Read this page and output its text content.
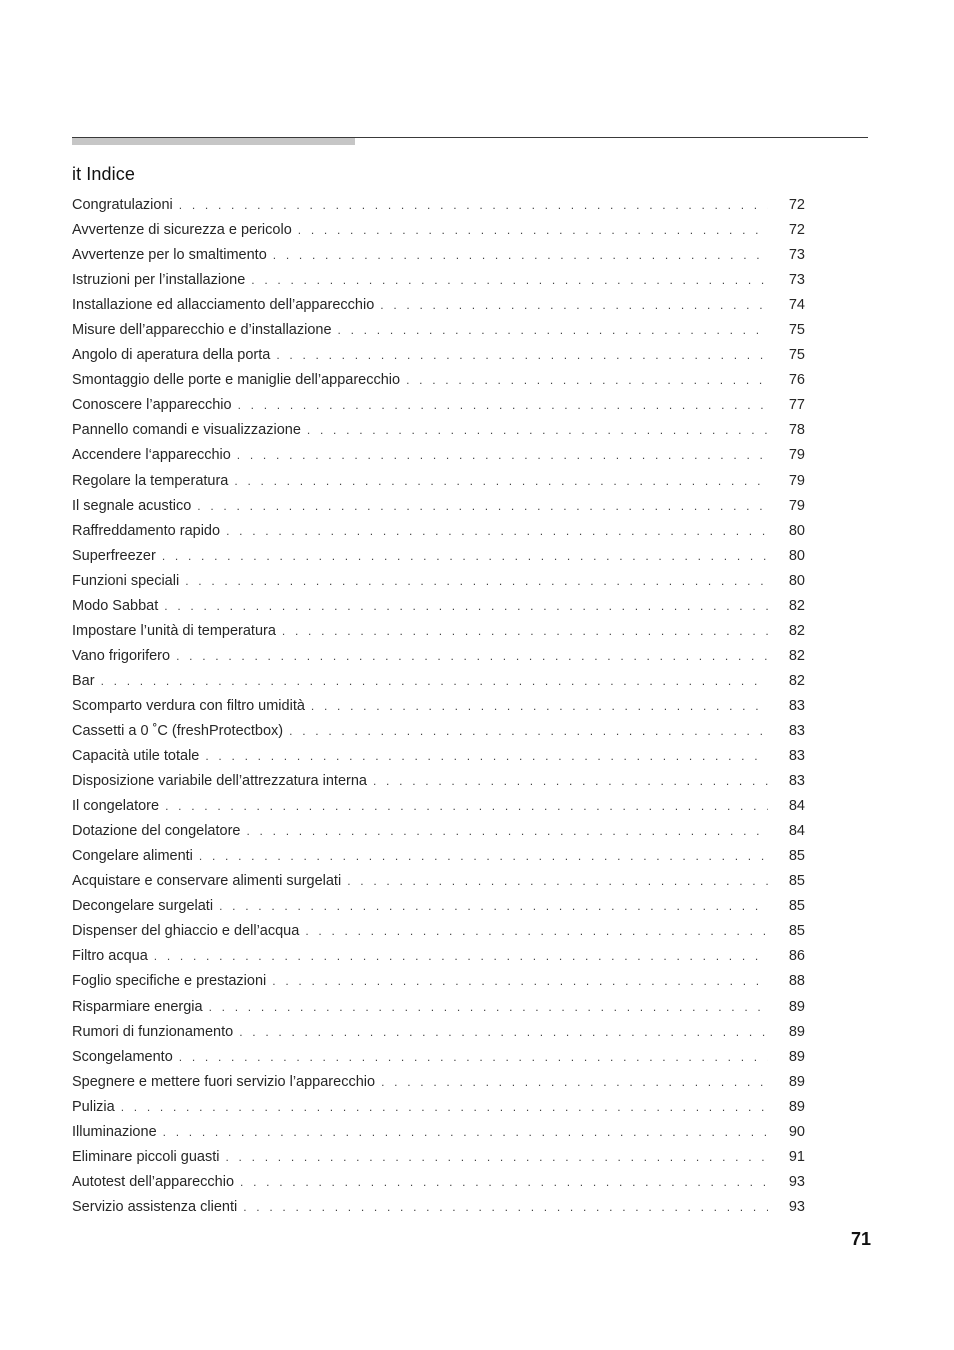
it Indice
Congratulazioni . . .	72
Avvertenze di sicurezza e pericolo . . .	72
Avvertenze per lo smaltimento . . .	73
Istruzioni per l’installazione . . .	73
Installazione ed allacciamento dell’apparecchio . . .	74
Misure dell’apparecchio e d’installazione . . .	75
Angolo di aperatura della porta . . .	75
Smontaggio delle porte e maniglie dell’apparecchio . . .	76
Conoscere l’apparecchio . . .	77
Pannello comandi e visualizzazione . . .	78
Accendere l‘apparecchio . . .	79
Regolare la temperatura . . .	79
Il segnale acustico . . .	79
Raffreddamento rapido . . .	80
Superfreezer . . .	80
Funzioni speciali . . .	80
Modo Sabbat . . .	82
Impostare l’unità di temperatura . . .	82
Vano frigorifero . . .	82
Bar . . .	82
Scomparto verdura con filtro umidità . . .	83
Cassetti a 0 ˚C (freshProtectbox) . . .	83
Capacità utile totale . . .	83
Disposizione variabile dell’attrezzatura interna . . .	83
Il congelatore . . .	84
Dotazione del congelatore . . .	84
Congelare alimenti . . .	85
Acquistare e conservare alimenti surgelati . . .	85
Decongelare surgelati . . .	85
Dispenser del ghiaccio e dell’acqua . . .	85
Filtro acqua . . .	86
Foglio specifiche e prestazioni . . .	88
Risparmiare energia . . .	89
Rumori di funzionamento . . .	89
Scongelamento . . .	89
Spegnere e mettere fuori servizio l’apparecchio . . .	89
Pulizia . . .	89
Illuminazione . . .	90
Eliminare piccoli guasti . . .	91
Autotest dell’apparecchio . . .	93
Servizio assistenza clienti . . .	93
71
